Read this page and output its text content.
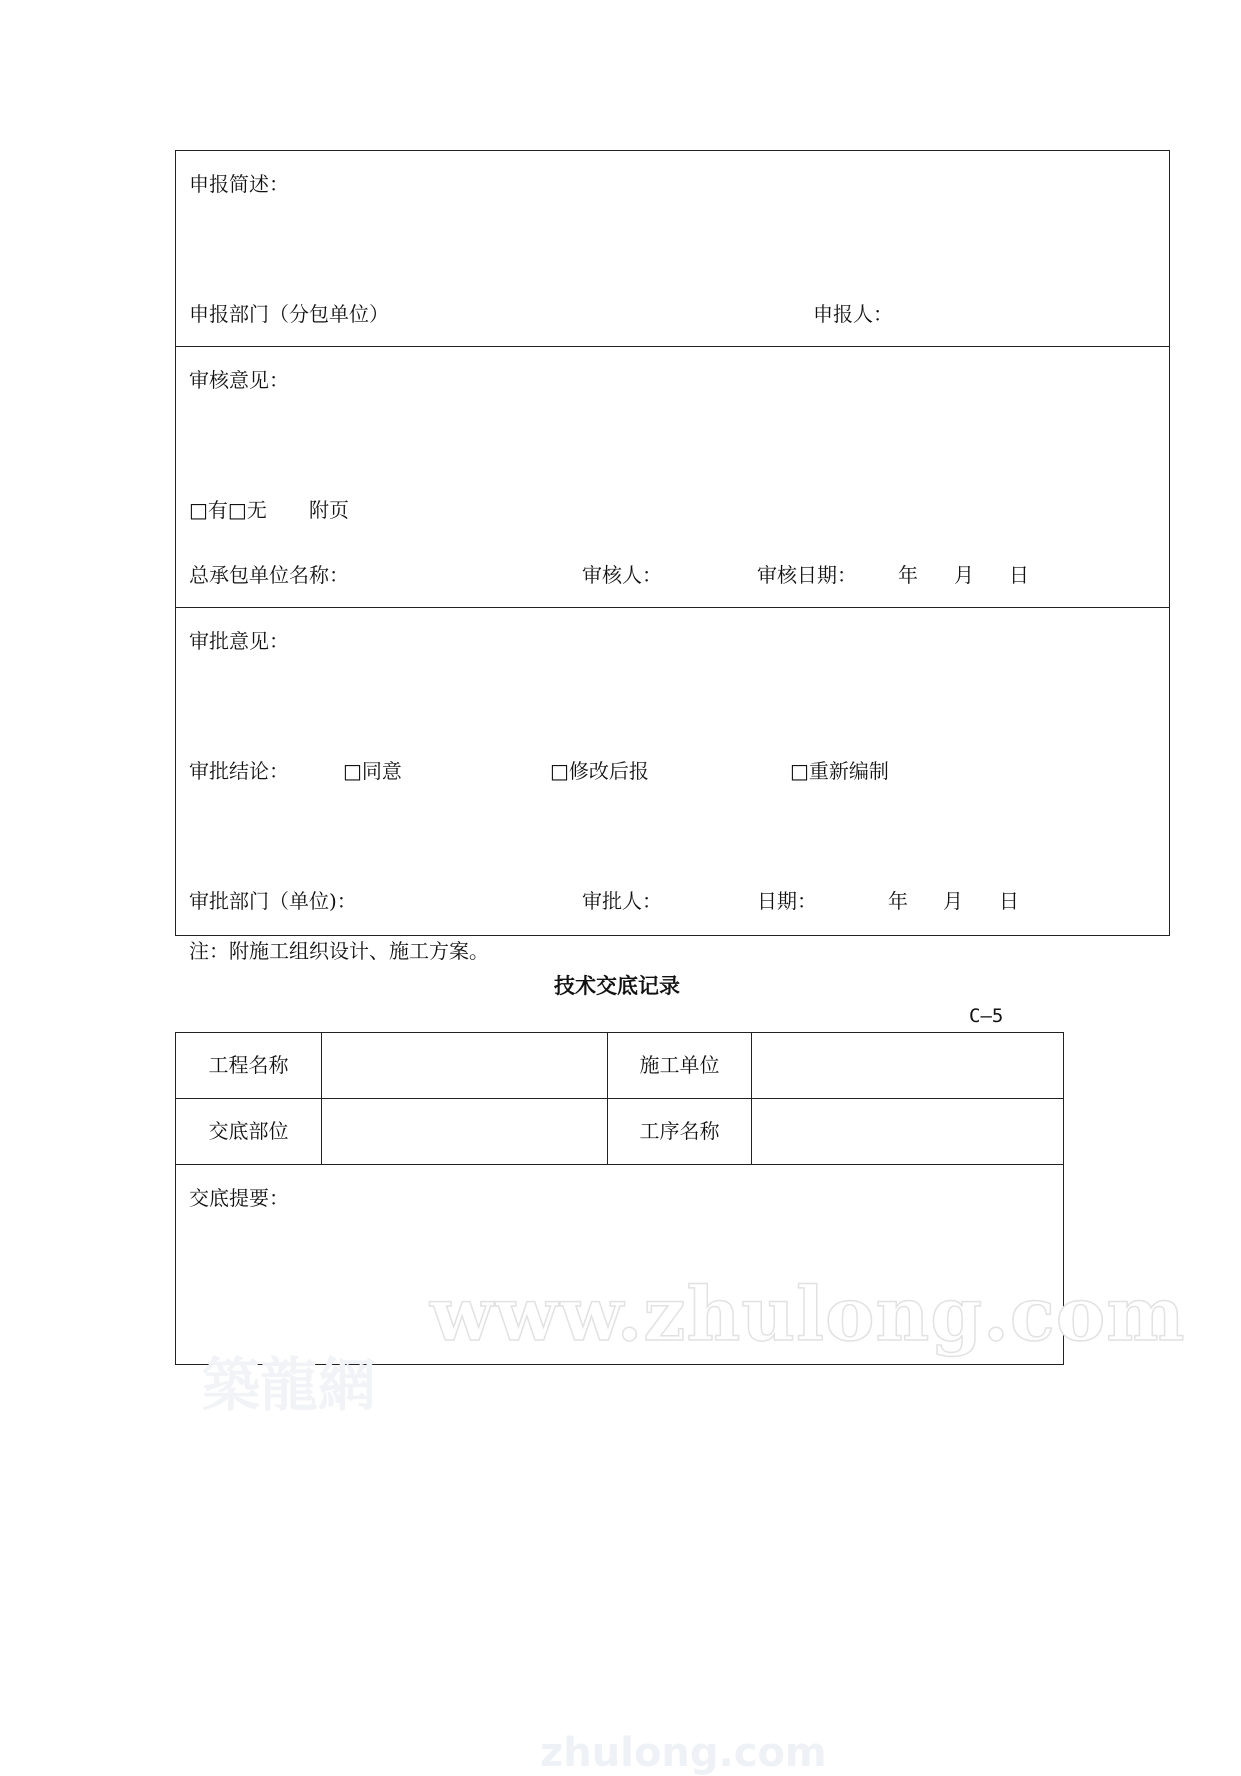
申报简述：
申报部门（分包单位）	申报人：
审核意见：
□有□无 附页
总承包单位名称：	审核人：	审核日期： 年 月 日
审批意见：
审批结论：	□同意	□修改后报	□重新编制
审批部门（单位)：	审批人：	日期：	年 月 日
注：附施工组织设计、施工方案。
技术交底记录
C—5
工程名称	施工单位
交底部位	工序名称
交底提要：
www.zhulong.com
築龍網
zhulong.com
